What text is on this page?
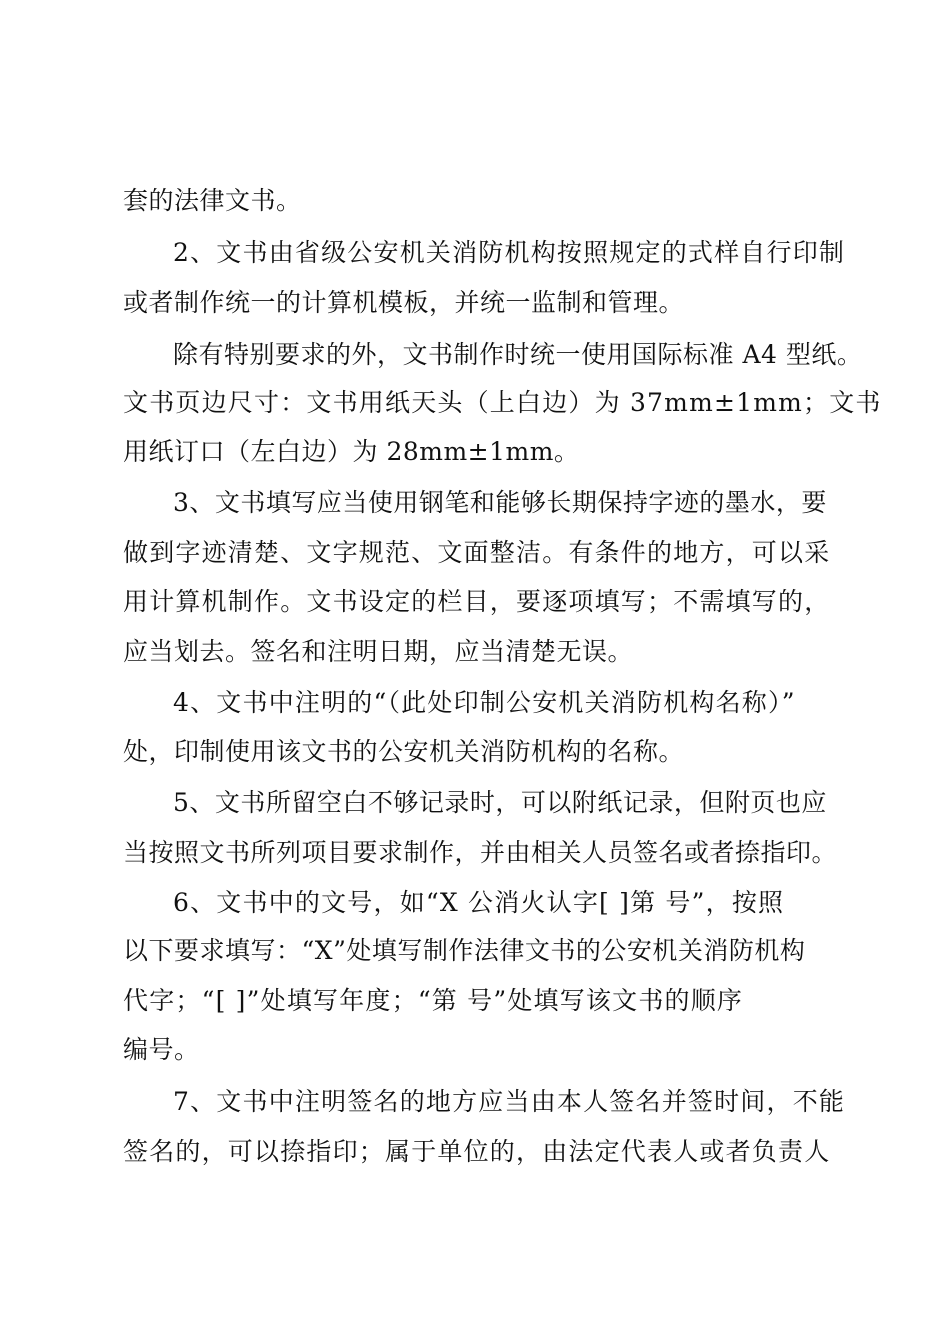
套的法律文书。
2、文书由省级公安机关消防机构按照规定的式样自行印制
或者制作统一的计算机模板，并统一监制和管理。
除有特别要求的外，文书制作时统一使用国际标准 A4 型纸。
文书页边尺寸：文书用纸天头（上白边）为 37mm±1mm；文书
用纸订口（左白边）为 28mm±1mm。
3、文书填写应当使用钢笔和能够长期保持字迹的墨水，要
做到字迹清楚、文字规范、文面整洁。有条件的地方，可以采
用计算机制作。文书设定的栏目，要逐项填写；不需填写的，
应当划去。签名和注明日期，应当清楚无误。
4、文书中注明的“（此处印制公安机关消防机构名称）”
处，印制使用该文书的公安机关消防机构的名称。
5、文书所留空白不够记录时，可以附纸记录，但附页也应
当按照文书所列项目要求制作，并由相关人员签名或者捺指印。
6、文书中的文号，如“X 公消火认字[ ]第 号”，按照
以下要求填写：“X”处填写制作法律文书的公安机关消防机构
代字；“[ ]”处填写年度；“第 号”处填写该文书的顺序
编号。
7、文书中注明签名的地方应当由本人签名并签时间，不能
签名的，可以捺指印；属于单位的，由法定代表人或者负责人
